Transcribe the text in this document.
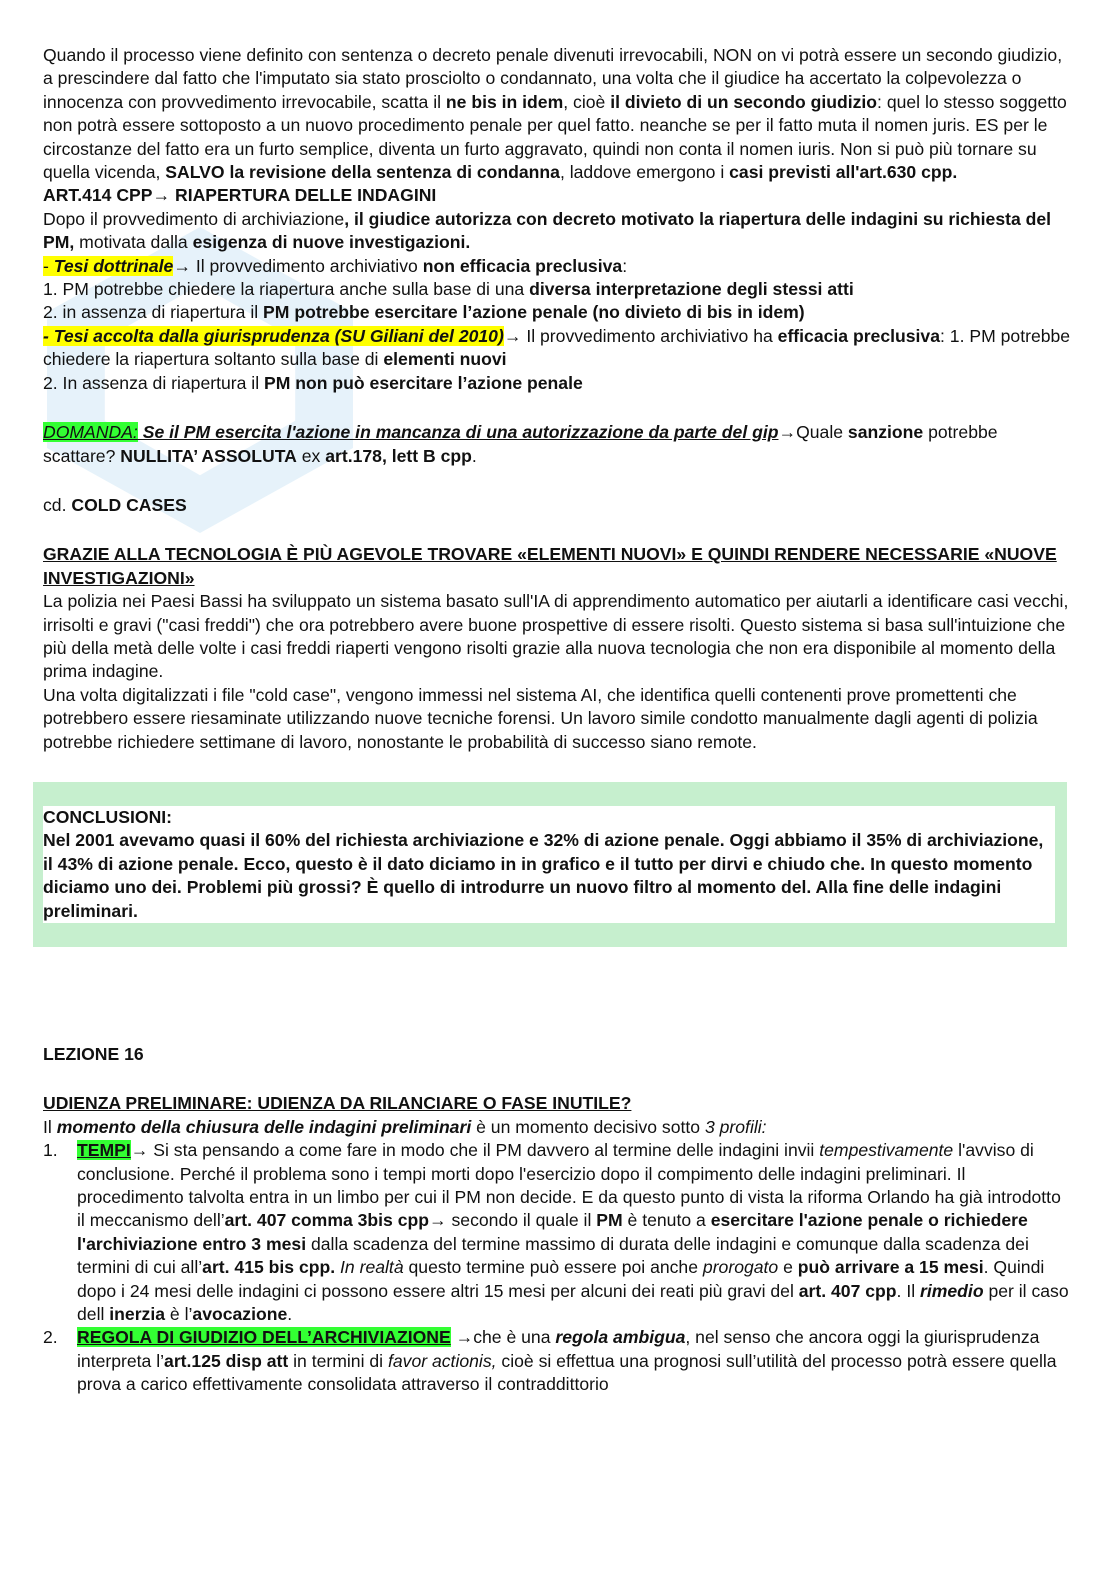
Quando il processo viene definito con sentenza o decreto penale divenuti irrevocabili, NON on vi potrà essere un secondo giudizio, a prescindere dal fatto che l'imputato sia stato prosciolto o condannato, una volta che il giudice ha accertato la colpevolezza o innocenza con provvedimento irrevocabile, scatta il ne bis in idem, cioè il divieto di un secondo giudizio: quel lo stesso soggetto non potrà essere sottoposto a un nuovo procedimento penale per quel fatto. neanche se per il fatto muta il nomen juris. ES per le circostanze del fatto era un furto semplice, diventa un furto aggravato, quindi non conta il nomen iuris. Non si può più tornare su quella vicenda, SALVO la revisione della sentenza di condanna, laddove emergono i casi previsti all'art.630 cpp.

ART.414 CPP→ RIAPERTURA DELLE INDAGINI

Dopo il provvedimento di archiviazione, il giudice autorizza con decreto motivato la riapertura delle indagini su richiesta del PM, motivata dalla esigenza di nuove investigazioni.

- Tesi dottrinale→ Il provvedimento archiviativo non efficacia preclusiva:

1. PM potrebbe chiedere la riapertura anche sulla base di una diversa interpretazione degli stessi atti

2. in assenza di riapertura il PM potrebbe esercitare l’azione penale (no divieto di bis in idem)

- Tesi accolta dalla giurisprudenza (SU Giliani del 2010)→ Il provvedimento archiviativo ha efficacia preclusiva: 1. PM potrebbe chiedere la riapertura soltanto sulla base di elementi nuovi

2. In assenza di riapertura il PM non può esercitare l’azione penale

DOMANDA: Se il PM esercita l'azione in mancanza di una autorizzazione da parte del gip→Quale sanzione potrebbe scattare? NULLITA’ ASSOLUTA ex art.178, lett B cpp.

cd. COLD CASES

GRAZIE ALLA TECNOLOGIA È PIÙ AGEVOLE TROVARE «ELEMENTI NUOVI» E QUINDI RENDERE NECESSARIE «NUOVE INVESTIGAZIONI»

La polizia nei Paesi Bassi ha sviluppato un sistema basato sull'IA di apprendimento automatico per aiutarli a identificare casi vecchi, irrisolti e gravi ("casi freddi") che ora potrebbero avere buone prospettive di essere risolti. Questo sistema si basa sull'intuizione che più della metà delle volte i casi freddi riaperti vengono risolti grazie alla nuova tecnologia che non era disponibile al momento della prima indagine.

Una volta digitalizzati i file "cold case", vengono immessi nel sistema AI, che identifica quelli contenenti prove promettenti che potrebbero essere riesaminate utilizzando nuove tecniche forensi. Un lavoro simile condotto manualmente dagli agenti di polizia potrebbe richiedere settimane di lavoro, nonostante le probabilità di successo siano remote.

CONCLUSIONI:

Nel 2001 avevamo quasi il 60% del richiesta archiviazione e 32% di azione penale. Oggi abbiamo il 35% di archiviazione, il 43% di azione penale. Ecco, questo è il dato diciamo in in grafico e il tutto per dirvi e chiudo che. In questo momento diciamo uno dei. Problemi più grossi? È quello di introdurre un nuovo filtro al momento del. Alla fine delle indagini preliminari.

LEZIONE 16

UDIENZA PRELIMINARE: UDIENZA DA RILANCIARE O FASE INUTILE?

Il momento della chiusura delle indagini preliminari è un momento decisivo sotto 3 profili:

1. TEMPI→ Si sta pensando a come fare in modo che il PM davvero al termine delle indagini invii tempestivamente l'avviso di conclusione. Perché il problema sono i tempi morti dopo l'esercizio dopo il compimento delle indagini preliminari. Il procedimento talvolta entra in un limbo per cui il PM non decide. E da questo punto di vista la riforma Orlando ha già introdotto il meccanismo dell’art. 407 comma 3bis cpp→ secondo il quale il PM è tenuto a esercitare l'azione penale o richiedere l'archiviazione entro 3 mesi dalla scadenza del termine massimo di durata delle indagini e comunque dalla scadenza dei termini di cui all’art. 415 bis cpp. In realtà questo termine può essere poi anche prorogato e può arrivare a 15 mesi. Quindi dopo i 24 mesi delle indagini ci possono essere altri 15 mesi per alcuni dei reati più gravi del art. 407 cpp. Il rimedio per il caso dell inerzia è l’avocazione.
2. REGOLA DI GIUDIZIO DELL’ARCHIVIAZIONE →che è una regola ambigua, nel senso che ancora oggi la giurisprudenza interpreta l’art.125 disp att in termini di favor actionis, cioè si effettua una prognosi sull’utilità del processo potrà essere quella prova a carico effettivamente consolidata attraverso il contraddittorio
